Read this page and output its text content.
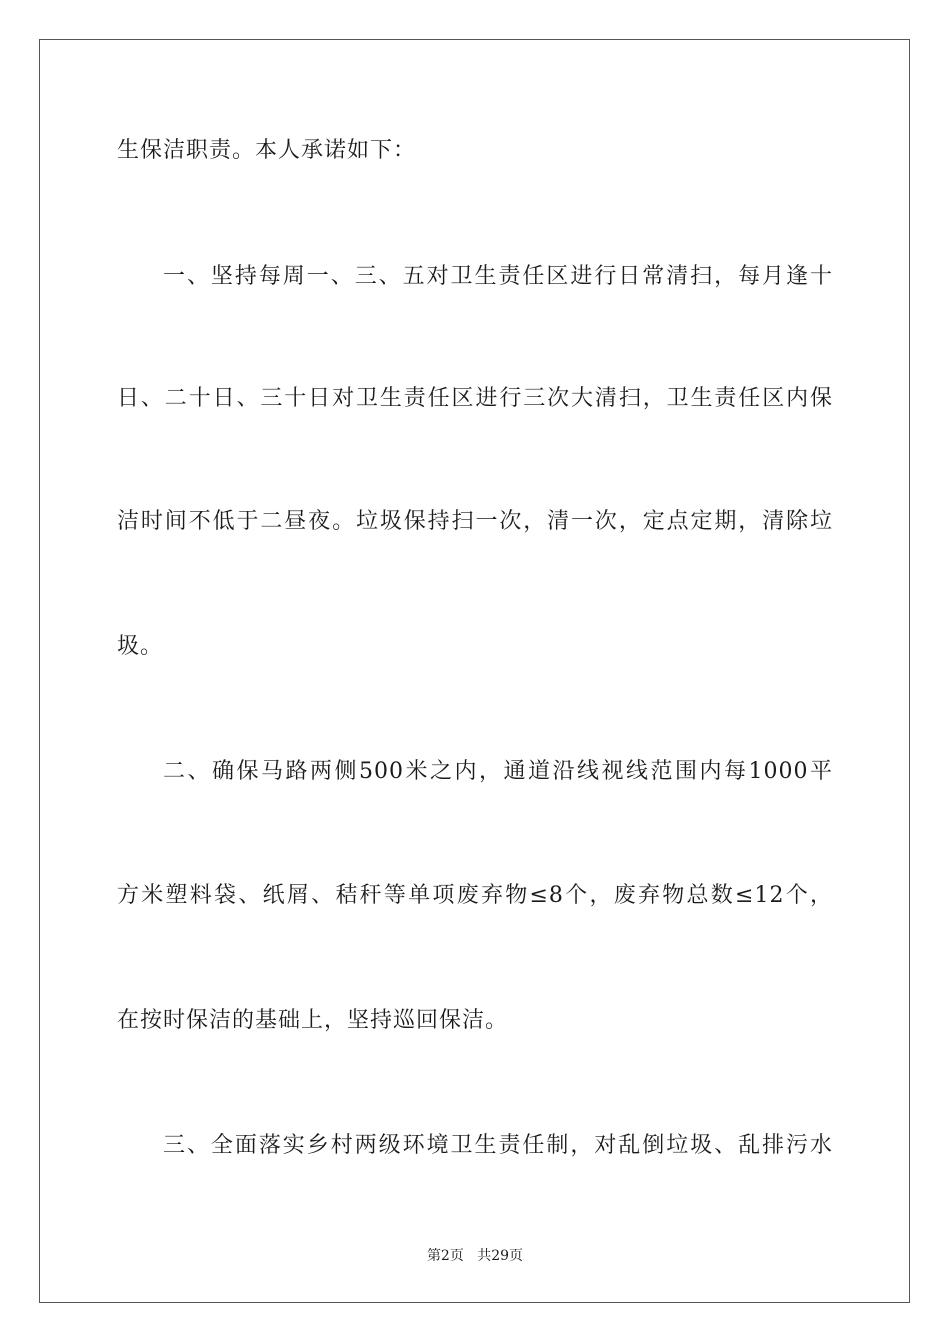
生保洁职责。本人承诺如下：
一、坚持每周一、三、五对卫生责任区进行日常清扫，每月逢十
日、二十日、三十日对卫生责任区进行三次大清扫，卫生责任区内保
洁时间不低于二昼夜。垃圾保持扫一次，清一次，定点定期，清除垃
圾。
二、确保马路两侧500米之内，通道沿线视线范围内每1000平
方米塑料袋、纸屑、秸秆等单项废弃物≤8个，废弃物总数≤12个，
在按时保洁的基础上，坚持巡回保洁。
三、全面落实乡村两级环境卫生责任制，对乱倒垃圾、乱排污水
第2页 共29页
